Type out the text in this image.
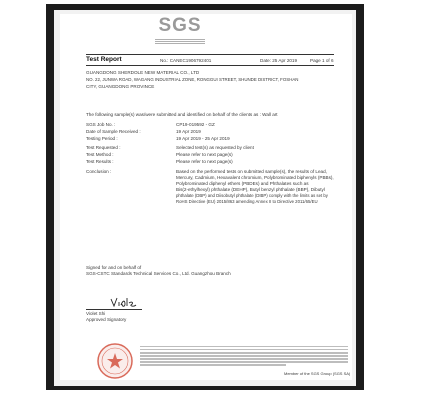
SGS
Test Report	No.: CANEC1906792401	Date: 25 Apr 2019	Page 1 of 6
GUANGDONG SHERDOLE NEW MATERIAL CO., LTD
NO. 22, JUNWA ROAD, WAGANG INDUSTRIAL ZONE, RONGGUI STREET, SHUNDE DISTRICT, FOSHAN
CITY, GUANGDONG PROVINCE
The following sample(s) was/were submitted and identified on behalf of the clients as : Wall art
SGS Job No. :	CP19-019592 - GZ
Date of Sample Received :	19 Apr 2019
Testing Period :	19 Apr 2019 - 25 Apr 2019
Test Requested :	Selected test(s) as requested by client
Test Method :	Please refer to next page(s)
Test Results :	Please refer to next page(s)
Conclusion :	Based on the performed tests on submitted sample(s), the results of Lead,
Mercury, Cadmium, Hexavalent chromium, Polybrominated biphenyls (PBBs),
Polybrominated diphenyl ethers (PBDEs) and Phthalates such as
Bis(2-ethylhexyl) phthalate (DEHP), Butyl benzyl phthalate (BBP), Dibutyl
phthalate (DBP) and Diisobutyl phthalate (DIBP) comply with the limits as set by
RoHS Directive (EU) 2015/863 amending Annex II to Directive 2011/65/EU
Signed for and on behalf of
SGS-CSTC Standards Technical Services Co., Ltd. Guangzhou Branch
Violet Shi
Approved Signatory
Member of the SGS Group (SGS SA)
